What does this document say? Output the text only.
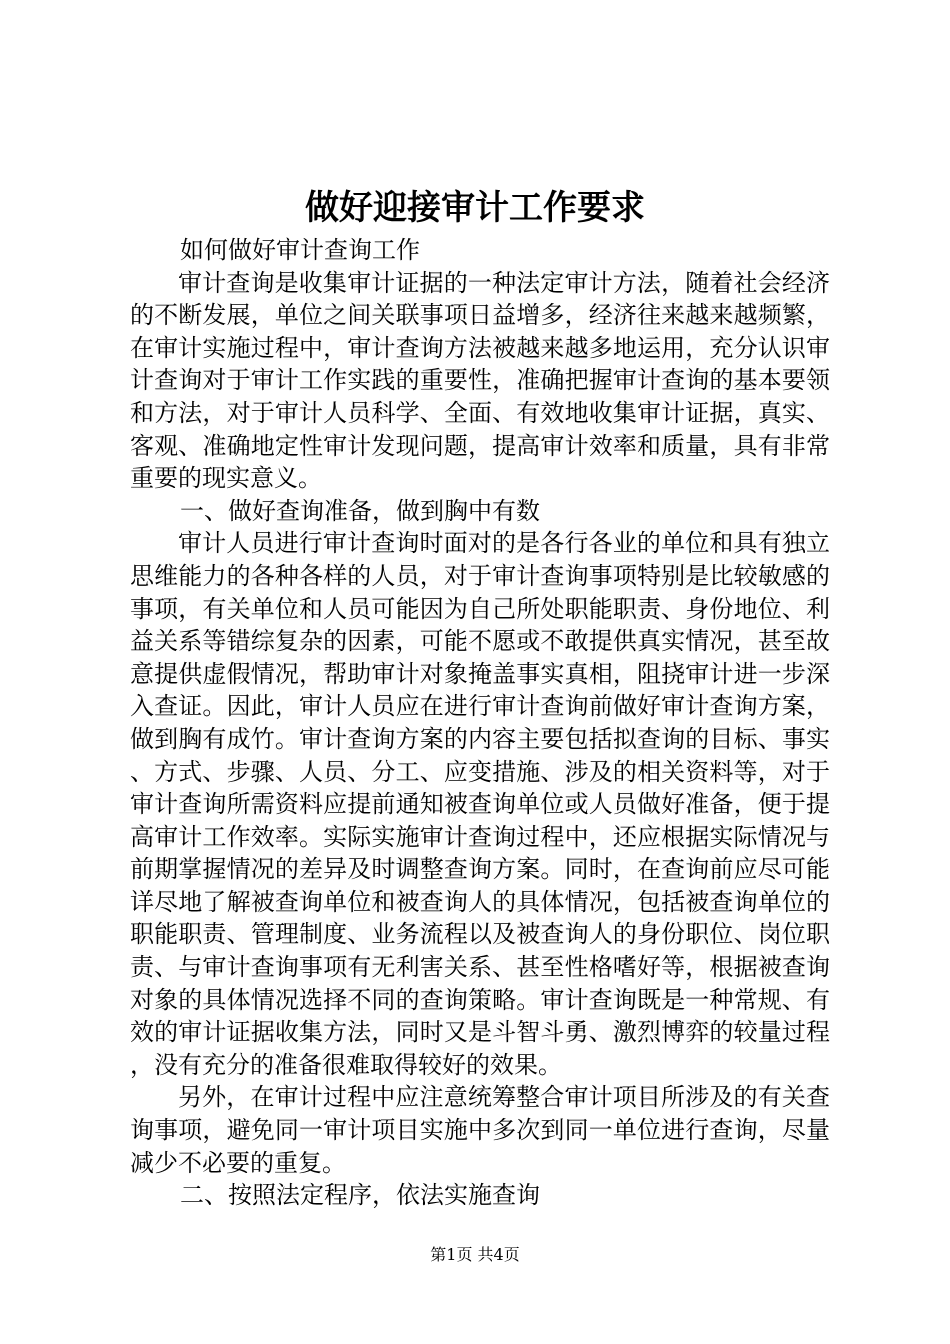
做好迎接审计工作要求

如何做好审计查询工作

审计查询是收集审计证据的一种法定审计方法，随着社会经济的不断发展，单位之间关联事项日益增多，经济往来越来越频繁，在审计实施过程中，审计查询方法被越来越多地运用，充分认识审计查询对于审计工作实践的重要性，准确把握审计查询的基本要领和方法，对于审计人员科学、全面、有效地收集审计证据，真实、客观、准确地定性审计发现问题，提高审计效率和质量，具有非常重要的现实意义。

一、做好查询准备，做到胸中有数

审计人员进行审计查询时面对的是各行各业的单位和具有独立思维能力的各种各样的人员，对于审计查询事项特别是比较敏感的事项，有关单位和人员可能因为自己所处职能职责、身份地位、利益关系等错综复杂的因素，可能不愿或不敢提供真实情况，甚至故意提供虚假情况，帮助审计对象掩盖事实真相，阻挠审计进一步深入查证。因此，审计人员应在进行审计查询前做好审计查询方案，做到胸有成竹。审计查询方案的内容主要包括拟查询的目标、事实、方式、步骤、人员、分工、应变措施、涉及的相关资料等，对于审计查询所需资料应提前通知被查询单位或人员做好准备，便于提高审计工作效率。实际实施审计查询过程中，还应根据实际情况与前期掌握情况的差异及时调整查询方案。同时，在查询前应尽可能详尽地了解被查询单位和被查询人的具体情况，包括被查询单位的职能职责、管理制度、业务流程以及被查询人的身份职位、岗位职责、与审计查询事项有无利害关系、甚至性格嗜好等，根据被查询对象的具体情况选择不同的查询策略。审计查询既是一种常规、有效的审计证据收集方法，同时又是斗智斗勇、激烈博弈的较量过程，没有充分的准备很难取得较好的效果。

另外，在审计过程中应注意统筹整合审计项目所涉及的有关查询事项，避免同一审计项目实施中多次到同一单位进行查询，尽量减少不必要的重复。

二、按照法定程序，依法实施查询

第1页 共4页
